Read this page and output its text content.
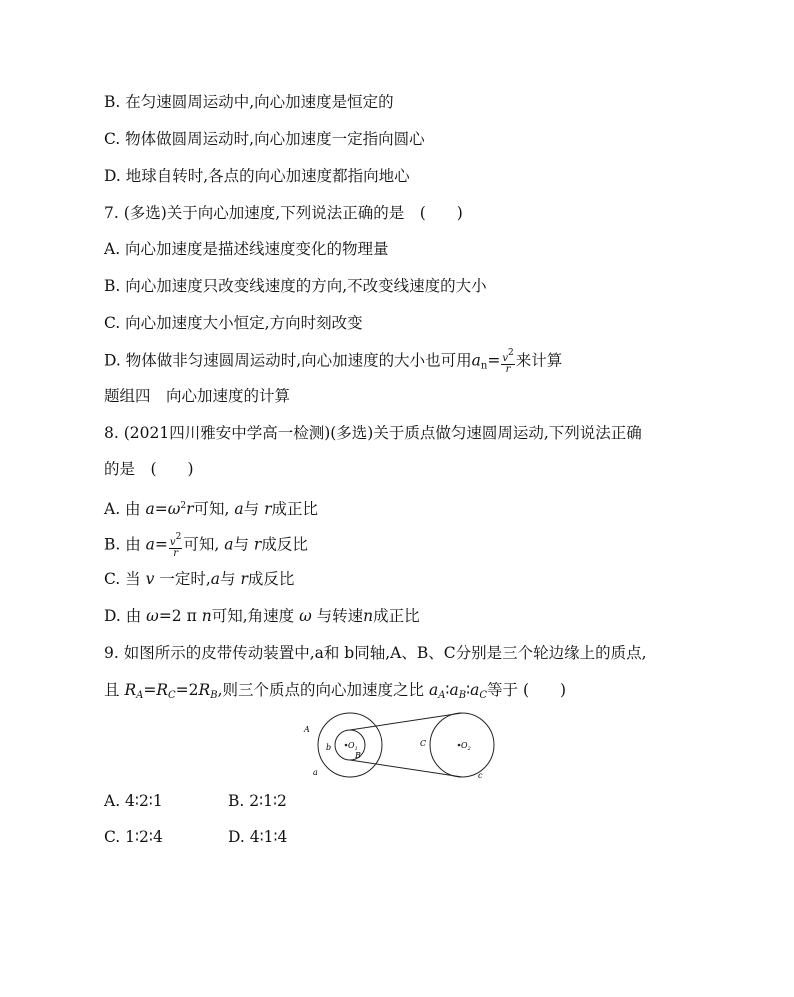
B. 在匀速圆周运动中,向心加速度是恒定的
C. 物体做圆周运动时,向心加速度一定指向圆心
D. 地球自转时,各点的向心加速度都指向地心
7. (多选)关于向心加速度,下列说法正确的是　(　　)
A. 向心加速度是描述线速度变化的物理量
B. 向心加速度只改变线速度的方向,不改变线速度的大小
C. 向心加速度大小恒定,方向时刻改变
D. 物体做非匀速圆周运动时,向心加速度的大小也可用$a_n= \frac{v2}{r}$ 来计算
题组四　向心加速度的计算
8. (2021四川雅安中学高一检测)(多选)关于质点做匀速圆周运动,下列说法正确
的是　(　　)
A. 由 $a=\omega^2r$可知, a与 r成正比
B. 由 $a= \frac{v2}{r}$ 可知, a与 r成反比
C. 当 v 一定时,a与 r成反比
D. 由 ω=2 π n可知,角速度 ω 与转速n成正比
9. 如图所示的皮带传动装置中,a和 b同轴,A、B、C分别是三个轮边缘上的质点,
且 RA=RC=2RB,则三个质点的向心加速度之比 aA∶aB∶aC等于 (　　)
A
b $O_1$
B
C	$O_2$
a	c
A. 4∶2∶1	B. 2∶1∶2
C. 1∶2∶4	D. 4∶1∶4
